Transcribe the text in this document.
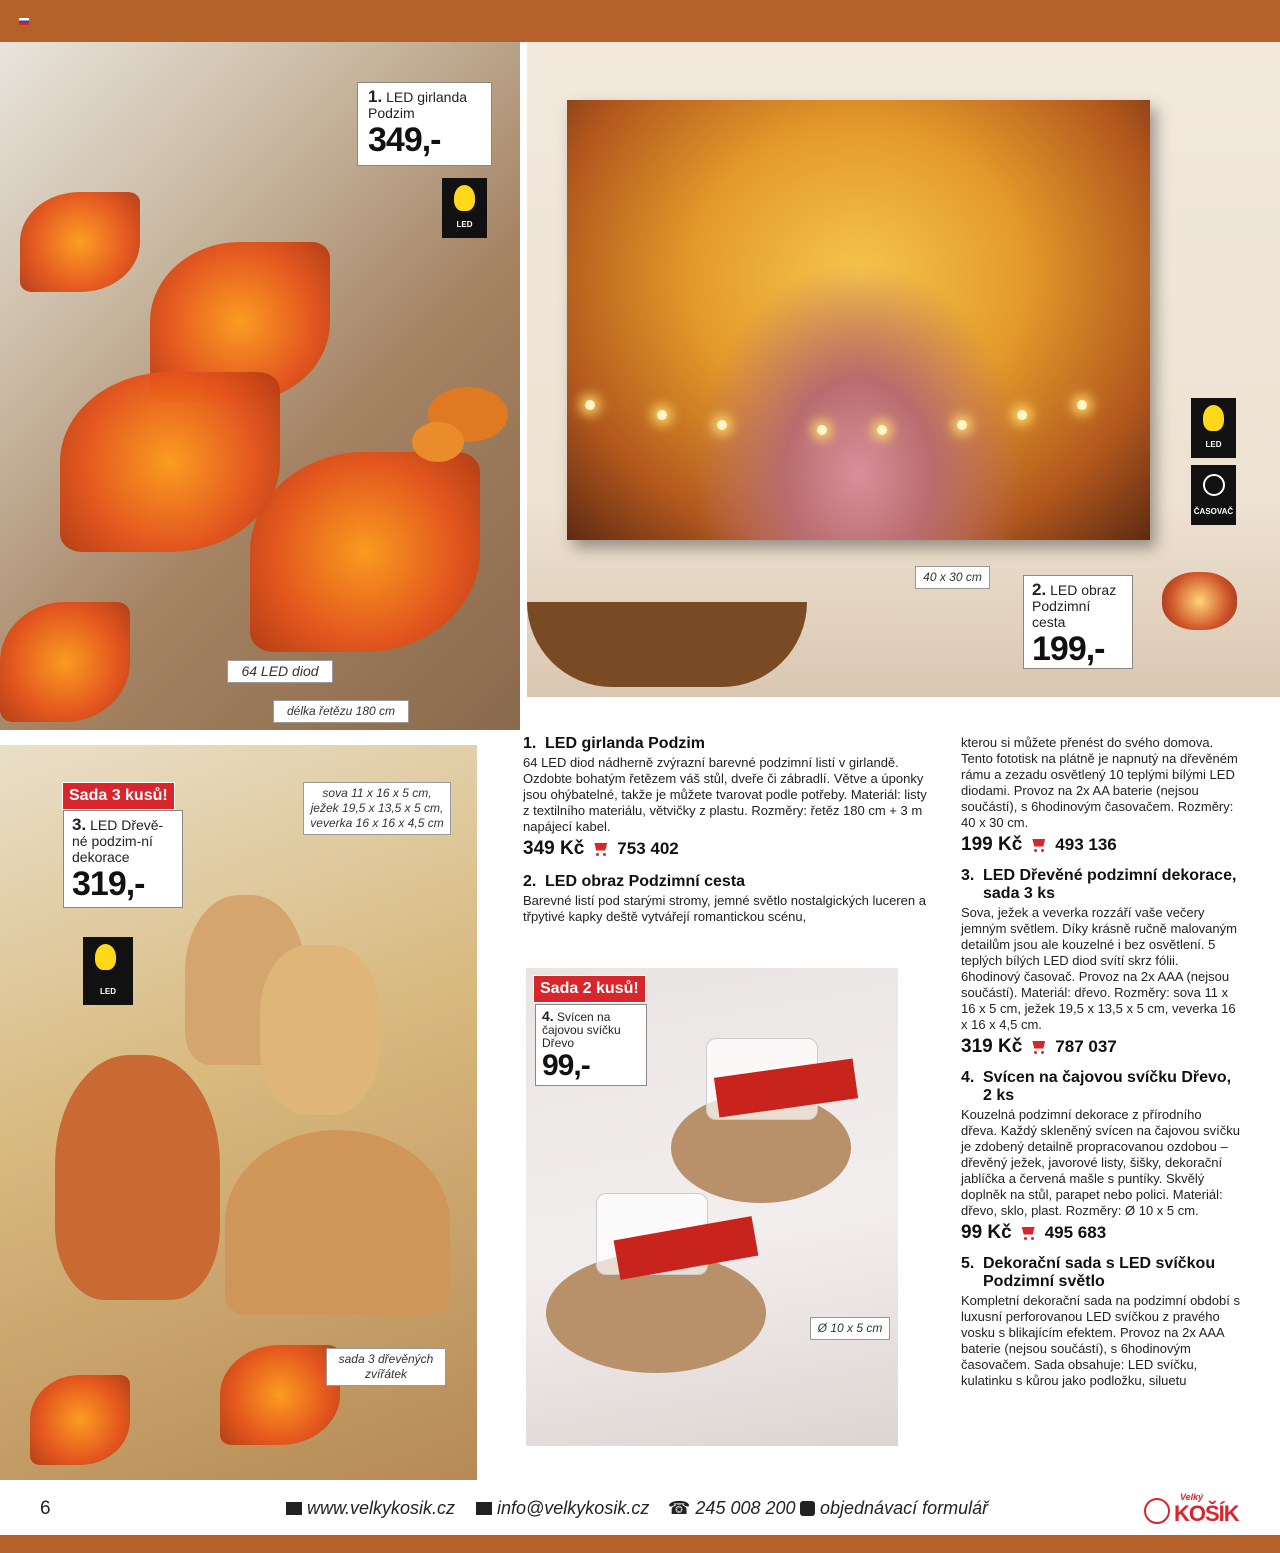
1. LED girlanda Podzim
349,-
LED
64 LED diod
délka řetězu 180 cm
LED
ČASOVAČ
40 x 30 cm
2. LED obraz Podzimní cesta
199,-
Sada 3 kusů!
3. LED Dřevě-né podzim-ní dekorace
319,-
LED
sova 11 x 16 x 5 cm,
ježek 19,5 x 13,5 x 5 cm,
veverka 16 x 16 x 4,5 cm
sada 3 dřevěných
zvířátek
Sada 2 kusů!
4. Svícen na čajovou svíčku Dřevo
99,-
Ø 10 x 5 cm

1. LED girlanda Podzim

64 LED diod nádherně zvýrazní barevné podzimní listí v girlandě. Ozdobte bohatým řetězem váš stůl, dveře či zábradlí. Větve a úponky jsou ohýbatelné, takže je můžete tvarovat podle potřeby. Materiál: listy z textilního materiálu, větvičky z plastu. Rozměry: řetěz 180 cm + 3 m napájecí kabel.

349 Kč 753 402

2. LED obraz Podzimní cesta

Barevné listí pod starými stromy, jemné světlo nostalgických luceren a třpytivé kapky deště vytvářejí romantickou scénu,

kterou si můžete přenést do svého domova. Tento fototisk na plátně je napnutý na dřevěném rámu a zezadu osvětlený 10 teplými bílými LED diodami. Provoz na 2x AA baterie (nejsou součástí), s 6hodinovým časovačem. Rozměry: 40 x 30 cm.

199 Kč 493 136

3. LED Dřevěné podzimní dekorace, sada 3 ks

Sova, ježek a veverka rozzáří vaše večery jemným světlem. Díky krásně ručně malovaným detailům jsou ale kouzelné i bez osvětlení. 5 teplých bílých LED diod svítí skrz fólii. 6hodinový časovač. Provoz na 2x AAA (nejsou součástí). Materiál: dřevo. Rozměry: sova 11 x 16 x 5 cm, ježek 19,5 x 13,5 x 5 cm, veverka 16 x 16 x 4,5 cm.

319 Kč 787 037

4. Svícen na čajovou svíčku Dřevo, 2 ks

Kouzelná podzimní dekorace z přírodního dřeva. Každý skleněný svícen na čajovou svíčku je zdobený detailně propracovanou ozdobou – dřevěný ježek, javorové listy, šišky, dekorační jablíčka a červená mašle s puntíky. Skvělý doplněk na stůl, parapet nebo polici. Materiál: dřevo, sklo, plast. Rozměry: Ø 10 x 5 cm.

99 Kč 495 683

5. Dekorační sada s LED svíčkou Podzimní světlo

Kompletní dekorační sada na podzimní období s luxusní perforovanou LED svíčkou z pravého vosku s blikajícím efektem. Provoz na 2x AAA baterie (nejsou součástí), s 6hodinovým časovačem. Sada obsahuje: LED svíčku, kulatinku s kůrou jako podložku, siluetu

6	www.velkykosik.cz info@velkykosik.cz ☎ 245 008 200 objednávací formulář
Velký
KOŠÍK
